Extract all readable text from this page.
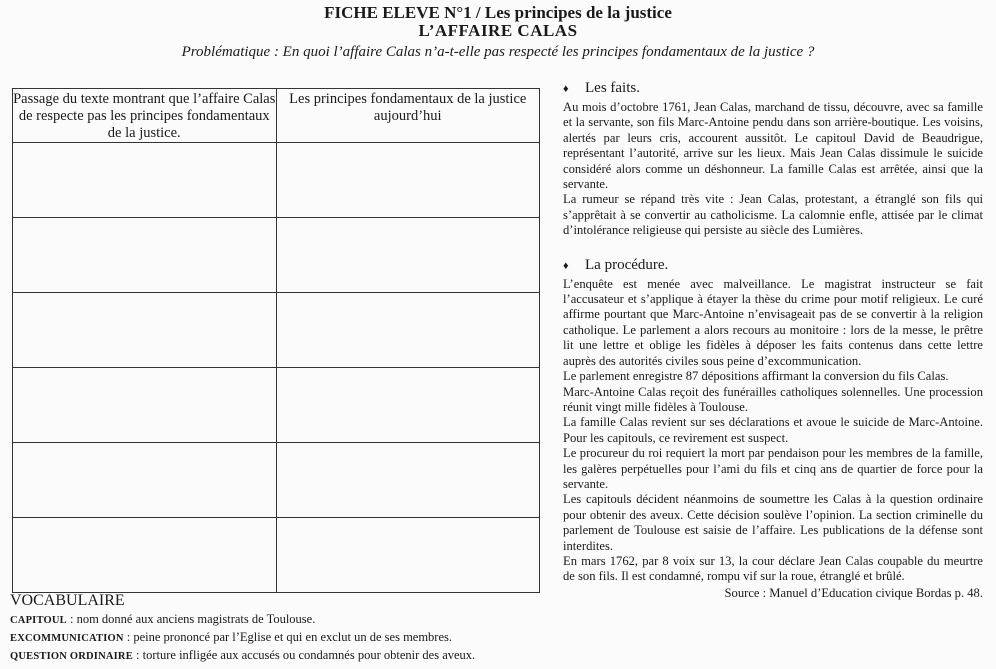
FICHE ELEVE N°1 / Les principes de la justice
L’AFFAIRE CALAS
Problématique : En quoi l’affaire Calas n’a-t-elle pas respecté les principes fondamentaux de la justice ?
Passage du texte montrant que l’affaire Calas de respecte pas les principes fondamentaux de la justice.	Les principes fondamentaux de la justice aujourd’hui

VOCABULAIRE
CAPITOUL : nom donné aux anciens magistrats de Toulouse.
EXCOMMUNICATION : peine prononcé par l’Eglise et qui en exclut un de ses membres.
QUESTION ORDINAIRE : torture infligée aux accusés ou condamnés pour obtenir des aveux.
♦ Les faits.

Au mois d’octobre 1761, Jean Calas, marchand de tissu, découvre, avec sa famille et la servante, son fils Marc-Antoine pendu dans son arrière-boutique. Les voisins, alertés par leurs cris, accourent aussitôt. Le capitoul David de Beaudrigue, représentant l’autorité, arrive sur les lieux. Mais Jean Calas dissimule le suicide considéré alors comme un déshonneur. La famille Calas est arrêtée, ainsi que la servante.

La rumeur se répand très vite : Jean Calas, protestant, a étranglé son fils qui s’apprêtait à se convertir au catholicisme. La calomnie enfle, attisée par le climat d’intolérance religieuse qui persiste au siècle des Lumières.

♦ La procédure.

L’enquête est menée avec malveillance. Le magistrat instructeur se fait l’accusateur et s’applique à étayer la thèse du crime pour motif religieux. Le curé affirme pourtant que Marc-Antoine n’envisageait pas de se convertir à la religion catholique. Le parlement a alors recours au monitoire : lors de la messe, le prêtre lit une lettre et oblige les fidèles à déposer les faits contenus dans cette lettre auprès des autorités civiles sous peine d’excommunication.

Le parlement enregistre 87 dépositions affirmant la conversion du fils Calas.

Marc-Antoine Calas reçoit des funérailles catholiques solennelles. Une procession réunit vingt mille fidèles à Toulouse.

La famille Calas revient sur ses déclarations et avoue le suicide de Marc-Antoine. Pour les capitouls, ce revirement est suspect.

Le procureur du roi requiert la mort par pendaison pour les membres de la famille, les galères perpétuelles pour l’ami du fils et cinq ans de quartier de force pour la servante.

Les capitouls décident néanmoins de soumettre les Calas à la question ordinaire pour obtenir des aveux. Cette décision soulève l’opinion. La section criminelle du parlement de Toulouse est saisie de l’affaire. Les publications de la défense sont interdites.

En mars 1762, par 8 voix sur 13, la cour déclare Jean Calas coupable du meurtre de son fils. Il est condamné, rompu vif sur la roue, étranglé et brûlé.

Source : Manuel d’Education civique Bordas p. 48.
